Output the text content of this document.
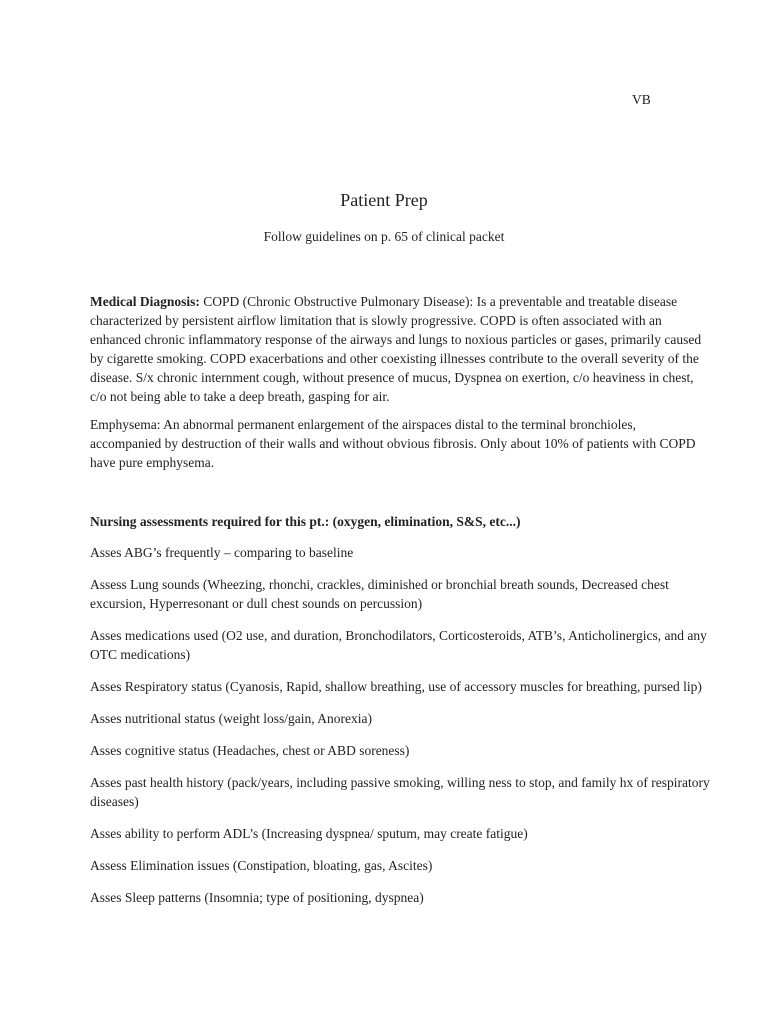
VB
Patient Prep
Follow guidelines on p. 65 of clinical packet

Medical Diagnosis: COPD (Chronic Obstructive Pulmonary Disease): Is a preventable and treatable disease characterized by persistent airflow limitation that is slowly progressive. COPD is often associated with an enhanced chronic inflammatory response of the airways and lungs to noxious particles or gases, primarily caused by cigarette smoking. COPD exacerbations and other coexisting illnesses contribute to the overall severity of the disease. S/x chronic internment cough, without presence of mucus, Dyspnea on exertion, c/o heaviness in chest, c/o not being able to take a deep breath, gasping for air.

Emphysema: An abnormal permanent enlargement of the airspaces distal to the terminal bronchioles, accompanied by destruction of their walls and without obvious fibrosis. Only about 10% of patients with COPD have pure emphysema.

Nursing assessments required for this pt.: (oxygen, elimination, S&S, etc...)

Asses ABG’s frequently – comparing to baseline

Assess Lung sounds (Wheezing, rhonchi, crackles, diminished or bronchial breath sounds, Decreased chest excursion, Hyperresonant or dull chest sounds on percussion)

Asses medications used (O2 use, and duration, Bronchodilators, Corticosteroids, ATB’s, Anticholinergics, and any OTC medications)

Asses Respiratory status (Cyanosis, Rapid, shallow breathing, use of accessory muscles for breathing, pursed lip)

Asses nutritional status (weight loss/gain, Anorexia)

Asses cognitive status (Headaches, chest or ABD soreness)

Asses past health history (pack/years, including passive smoking, willing ness to stop, and family hx of respiratory diseases)

Asses ability to perform ADL’s (Increasing dyspnea/ sputum, may create fatigue)

Assess Elimination issues (Constipation, bloating, gas, Ascites)

Asses Sleep patterns (Insomnia; type of positioning, dyspnea)
